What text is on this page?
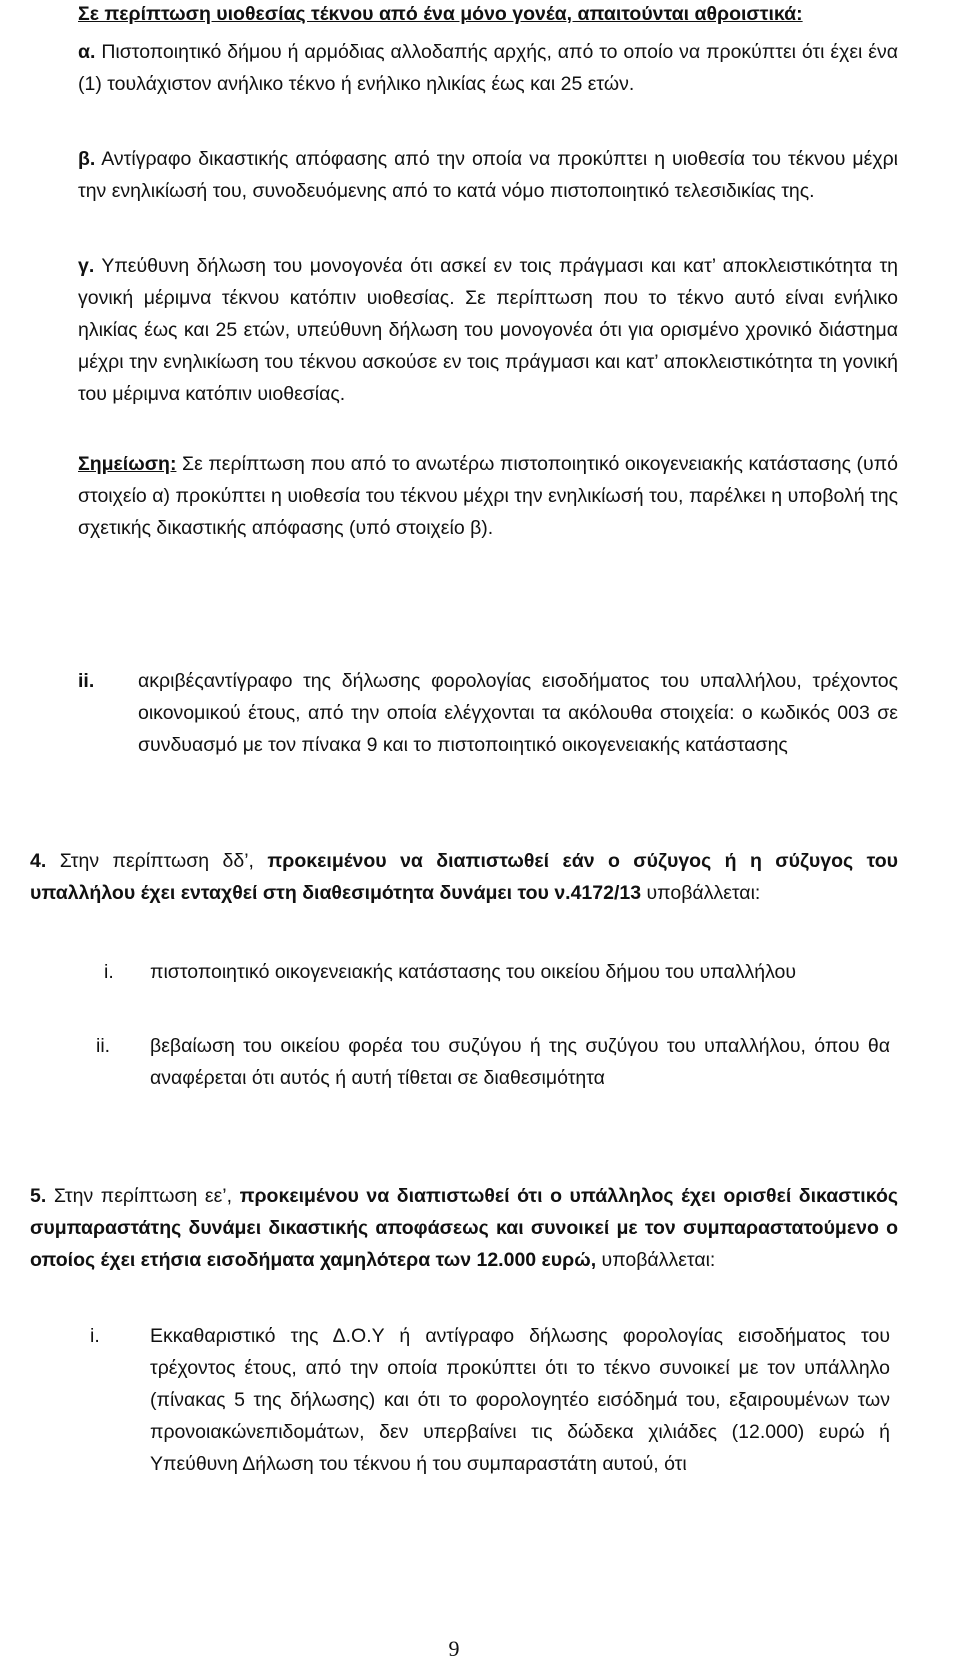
Σε περίπτωση υιοθεσίας τέκνου από ένα μόνο γονέα, απαιτούνται αθροιστικά:

α. Πιστοποιητικό δήμου ή αρμόδιας αλλοδαπής αρχής, από το οποίο να προκύπτει ότι έχει ένα (1) τουλάχιστον ανήλικο τέκνο ή ενήλικο ηλικίας έως και 25 ετών.

β. Αντίγραφο δικαστικής απόφασης από την οποία να προκύπτει η υιοθεσία του τέκνου μέχρι την ενηλικίωσή του, συνοδευόμενης από το κατά νόμο πιστοποιητικό τελεσιδικίας της.

γ. Υπεύθυνη δήλωση του μονογονέα ότι ασκεί εν τοις πράγμασι και κατ’ αποκλειστικότητα τη γονική μέριμνα τέκνου κατόπιν υιοθεσίας. Σε περίπτωση που το τέκνο αυτό είναι ενήλικο ηλικίας έως και 25 ετών, υπεύθυνη δήλωση του μονογονέα ότι για ορισμένο χρονικό διάστημα μέχρι την ενηλικίωση του τέκνου ασκούσε εν τοις πράγμασι και κατ’ αποκλειστικότητα τη γονική του μέριμνα κατόπιν υιοθεσίας.

Σημείωση: Σε περίπτωση που από το ανωτέρω πιστοποιητικό οικογενειακής κατάστασης (υπό στοιχείο α) προκύπτει η υιοθεσία του τέκνου μέχρι την ενηλικίωσή του, παρέλκει η υποβολή της σχετικής δικαστικής απόφασης (υπό στοιχείο β).

ii. ακριβέςαντίγραφο της δήλωσης φορολογίας εισοδήματος του υπαλλήλου, τρέχοντος οικονομικού έτους, από την οποία ελέγχονται τα ακόλουθα στοιχεία: ο κωδικός 003 σε συνδυασμό με τον πίνακα 9 και το πιστοποιητικό οικογενειακής κατάστασης

4. Στην περίπτωση δδ’, προκειμένου να διαπιστωθεί εάν ο σύζυγος ή η σύζυγος του υπαλλήλου έχει ενταχθεί στη διαθεσιμότητα δυνάμει του ν.4172/13 υποβάλλεται:

i. πιστοποιητικό οικογενειακής κατάστασης του οικείου δήμου του υπαλλήλου
ii. βεβαίωση του οικείου φορέα του συζύγου ή της συζύγου του υπαλλήλου, όπου θα αναφέρεται ότι αυτός ή αυτή τίθεται σε διαθεσιμότητα

5. Στην περίπτωση εε’, προκειμένου να διαπιστωθεί ότι ο υπάλληλος έχει ορισθεί δικαστικός συμπαραστάτης δυνάμει δικαστικής αποφάσεως και συνοικεί με τον συμπαραστατούμενο ο οποίος έχει ετήσια εισοδήματα χαμηλότερα των 12.000 ευρώ, υποβάλλεται:

i.	Εκκαθαριστικό της Δ.Ο.Υ ή αντίγραφο δήλωσης φορολογίας εισοδήματος του τρέχοντος έτους, από την οποία προκύπτει ότι το τέκνο συνοικεί με τον υπάλληλο (πίνακας 5 της δήλωσης) και ότι το φορολογητέο εισόδημά του, εξαιρουμένων των προνοιακώνεπιδομάτων, δεν υπερβαίνει τις δώδεκα χιλιάδες (12.000) ευρώ ή Υπεύθυνη Δήλωση του τέκνου ή του συμπαραστάτη αυτού, ότι
9
